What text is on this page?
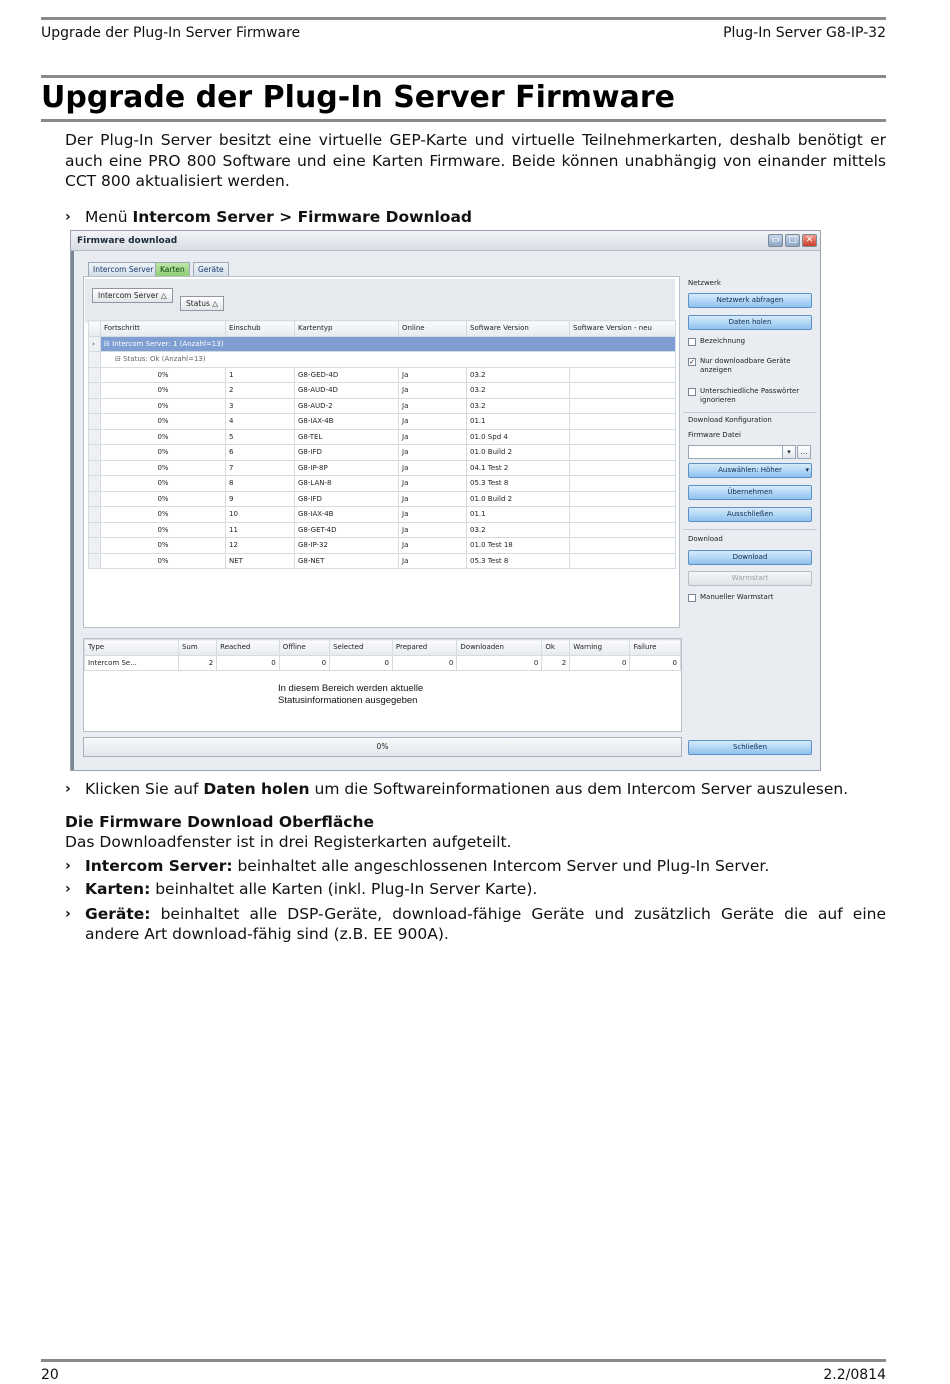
Upgrade der Plug-In Server Firmware	Plug-In Server G8-IP-32
Upgrade der Plug-In Server Firmware

Der Plug-In Server besitzt eine virtuelle GEP-Karte und virtuelle Teilnehmerkarten, deshalb benötigt er auch eine PRO 800 Software und eine Karten Firmware. Beide können unabhängig von einander mittels CCT 800 aktualisiert werden.

› Menü Intercom Server > Firmware Download
Firmware download	▭ □ ✕
Intercom Server Karten	Geräte
Intercom Server △
Status △
	Fortschritt	Einschub	Kartentyp	Online	Software Version	Software Version - neu
›	⊟ Intercom Server: 1 (Anzahl=13)					
	⊟ Status: Ok (Anzahl=13)					
	0%	1	G8-GED-4D	Ja	03.2	
	0%	2	G8-AUD-4D	Ja	03.2	
	0%	3	G8-AUD-2	Ja	03.2	
	0%	4	G8-IAX-4B	Ja	01.1	
	0%	5	G8-TEL	Ja	01.0 Spd 4	
	0%	6	G8-IFD	Ja	01.0 Build 2	
	0%	7	G8-IP-8P	Ja	04.1 Test 2	
	0%	8	G8-LAN-8	Ja	05.3 Test 8	
	0%	9	G8-IFD	Ja	01.0 Build 2	
	0%	10	G8-IAX-4B	Ja	01.1	
	0%	11	G8-GET-4D	Ja	03.2	
	0%	12	G8-IP-32	Ja	01.0 Test 18	
	0%	NET	G8-NET	Ja	05.3 Test 8	
Netzwerk
Netzwerk abfragen
Daten holen
Bezeichnung
✓ Nur downloadbare Geräte anzeigen
Unterschiedliche Passwörter ignorieren
Download Konfiguration
Firmware Datei
▾	…
Auswählen: Höher	▾
Übernehmen
Ausschließen
Download
Download
Warmstart
Manueller Warmstart
Type	Sum	Reached	Offline	Selected	Prepared	Downloaden	Ok	Warning	Failure
Intercom Se...	2	0	0	0	0	0	2	0	0
In diesem Bereich werden aktuelle
Statusinformationen ausgegeben
0%	Schließen
› Klicken Sie auf Daten holen um die Softwareinformationen aus dem Intercom Server auszulesen.
Die Firmware Download Oberfläche
Das Downloadfenster ist in drei Registerkarten aufgeteilt.
› Intercom Server: beinhaltet alle angeschlossenen Intercom Server und Plug-In Server.
› Karten: beinhaltet alle Karten (inkl. Plug-In Server Karte).
› Geräte: beinhaltet alle DSP-Geräte, download-fähige Geräte und zusätzlich Geräte die auf eine andere Art download-fähig sind (z.B. EE 900A).
20	2.2/0814
